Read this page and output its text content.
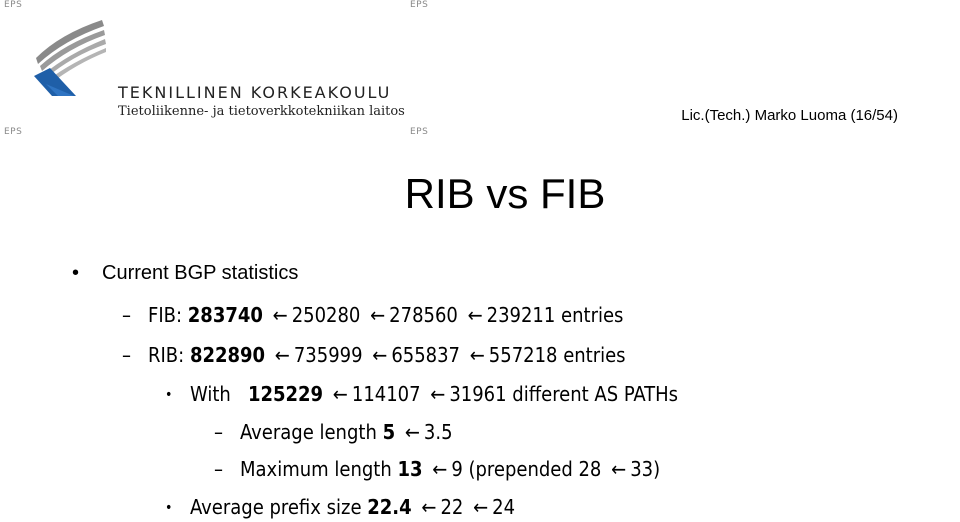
EPS	EPS
EPS	EPS
TEKNILLINEN KORKEAKOULU
Tietoliikenne- ja tietoverkkotekniikan laitos	Lic.(Tech.) Marko Luoma (16/54)
RIB vs FIB
• Current BGP statistics
– FIB: 283740 ← 250280 ← 278560 ← 239211 entries
– RIB: 822890 ← 735999 ← 655837 ← 557218 entries
• With 125229 ← 114107 ← 31961 different AS PATHs
– Average length 5 ← 3.5
– Maximum length 13 ← 9 (prepended 28 ← 33)
• Average prefix size 22.4 ← 22 ← 24
